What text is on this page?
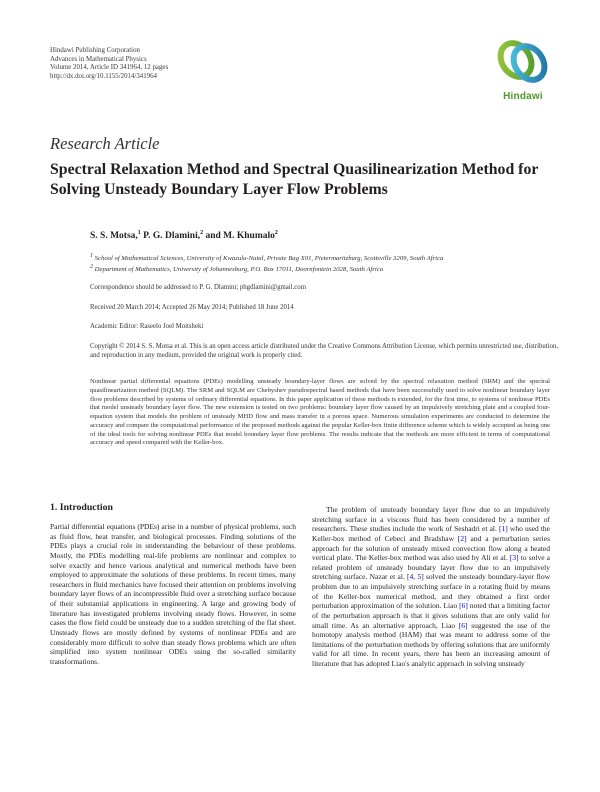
Hindawi Publishing Corporation
Advances in Mathematical Physics
Volume 2014, Article ID 341964, 12 pages
http://dx.doi.org/10.1155/2014/341964
Hindawi
Research Article
Spectral Relaxation Method and Spectral Quasilinearization Method for Solving Unsteady Boundary Layer Flow Problems
S. S. Motsa,$^1$ P. G. Dlamini,$^2$ and M. Khumalo$^2$
$^1$ School of Mathematical Sciences, University of Kwazulu-Natal, Private Bag X01, Pietermaritzburg, Scottsville 3209, South Africa
$^2$ Department of Mathematics, University of Johannesburg, P.O. Box 17011, Doornfontein 2028, South Africa
Correspondence should be addressed to P. G. Dlamini; phgdlamini@gmail.com
Received 20 March 2014; Accepted 26 May 2014; Published 18 June 2014
Academic Editor: Raseelo Joel Moitsheki
Copyright © 2014 S. S. Motsa et al. This is an open access article distributed under the Creative Commons Attribution License, which permits unrestricted use, distribution, and reproduction in any medium, provided the original work is properly cited.
Nonlinear partial differential equations (PDEs) modelling unsteady boundary-layer flows are solved by the spectral relaxation method (SRM) and the spectral quasilinearization method (SQLM). The SRM and SQLM are Chebyshev pseudospectral based methods that have been successfully used to solve nonlinear boundary layer flow problems described by systems of ordinary differential equations. In this paper application of these methods is extended, for the first time, to systems of nonlinear PDEs that model unsteady boundary layer flow. The new extension is tested on two problems: boundary layer flow caused by an impulsively stretching plate and a coupled four-equation system that models the problem of unsteady MHD flow and mass transfer in a porous space. Numerous simulation experiments are conducted to determine the accuracy and compare the computational performance of the proposed methods against the popular Keller-box finite difference scheme which is widely accepted as being one of the ideal tools for solving nonlinear PDEs that model boundary layer flow problems. The results indicate that the methods are more efficient in terms of computational accuracy and speed compared with the Keller-box.
1. Introduction

Partial differential equations (PDEs) arise in a number of physical problems, such as fluid flow, heat transfer, and biological processes. Finding solutions of the PDEs plays a crucial role in understanding the behaviour of these problems. Mostly, the PDEs modelling real-life problems are nonlinear and complex to solve exactly and hence various analytical and numerical methods have been employed to approximate the solutions of these problems. In recent times, many researchers in fluid mechanics have focused their attention on problems involving boundary layer flows of an incompressible fluid over a stretching surface because of their substantial applications in engineering. A large and growing body of literature has investigated problems involving steady flows. However, in some cases the flow field could be unsteady due to a sudden stretching of the flat sheet. Unsteady flows are mostly defined by systems of nonlinear PDEs and are considerably more difficult to solve than steady flows problems which are often simplified into system nonlinear ODEs using the so-called similarity transformations.

The problem of unsteady boundary layer flow due to an impulsively stretching surface in a viscous fluid has been considered by a number of researchers. These studies include the work of Seshadri et al. [1] who used the Keller-box method of Cebeci and Bradshaw [2] and a perturbation series approach for the solution of unsteady mixed convection flow along a heated vertical plate. The Keller-box method was also used by Ali et al. [3] to solve a related problem of unsteady boundary layer flow due to an impulsively stretching surface. Nazar et al. [4, 5] solved the unsteady boundary-layer flow problem due to an impulsively stretching surface in a rotating fluid by means of the Keller-box numerical method, and they obtained a first order perturbation approximation of the solution. Liao [6] noted that a limiting factor of the perturbation approach is that it gives solutions that are only valid for small time. As an alternative approach, Liao [6] suggested the use of the homotopy analysis method (HAM) that was meant to address some of the limitations of the perturbation methods by offering solutions that are uniformly valid for all time. In recent years, there has been an increasing amount of literature that has adopted Liao's analytic approach in solving unsteady
